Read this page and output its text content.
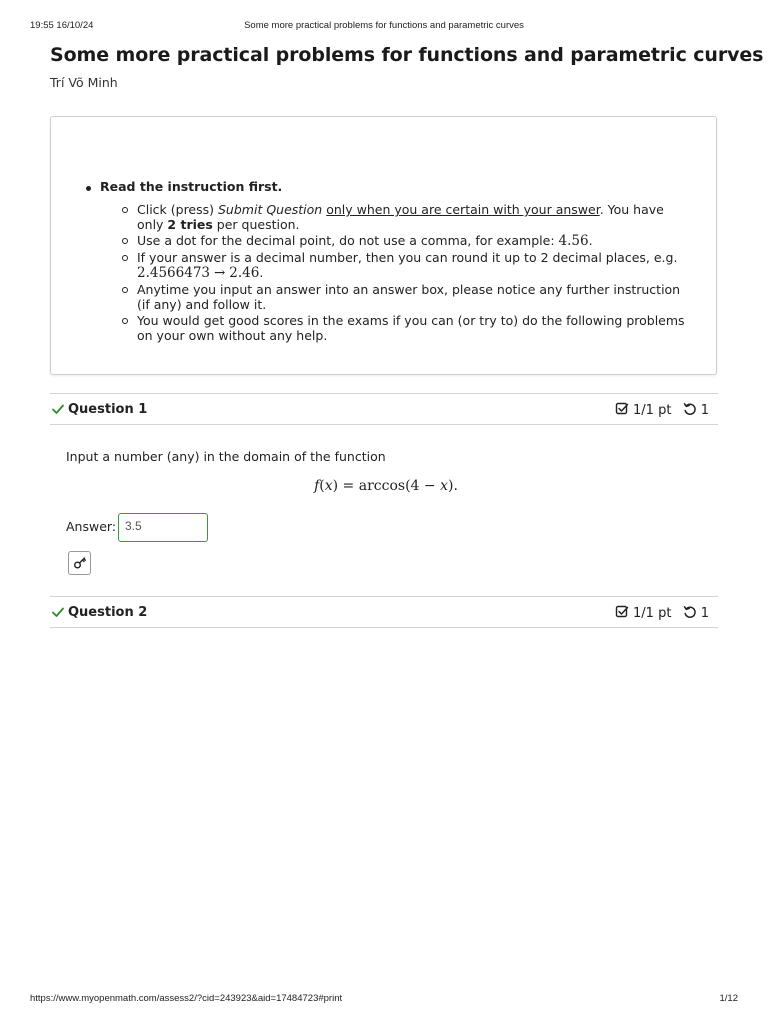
19:55 16/10/24	Some more practical problems for functions and parametric curves
Some more practical problems for functions and parametric curves
Trí Võ Minh
Read the instruction first.
Click (press) Submit Question only when you are certain with your answer. You have only 2 tries per question.
Use a dot for the decimal point, do not use a comma, for example: 4.56.
If your answer is a decimal number, then you can round it up to 2 decimal places, e.g.
2.4566473 → 2.46.
Anytime you input an answer into an answer box, please notice any further instruction (if any) and follow it.
You would get good scores in the exams if you can (or try to) do the following problems on your own without any help.
Question 1	1/1 pt 1
Input a number (any) in the domain of the function
f(x) = arccos(4 − x).
Answer: 3.5
Question 2	1/1 pt 1
https://www.myopenmath.com/assess2/?cid=243923&aid=17484723#print	1/12
